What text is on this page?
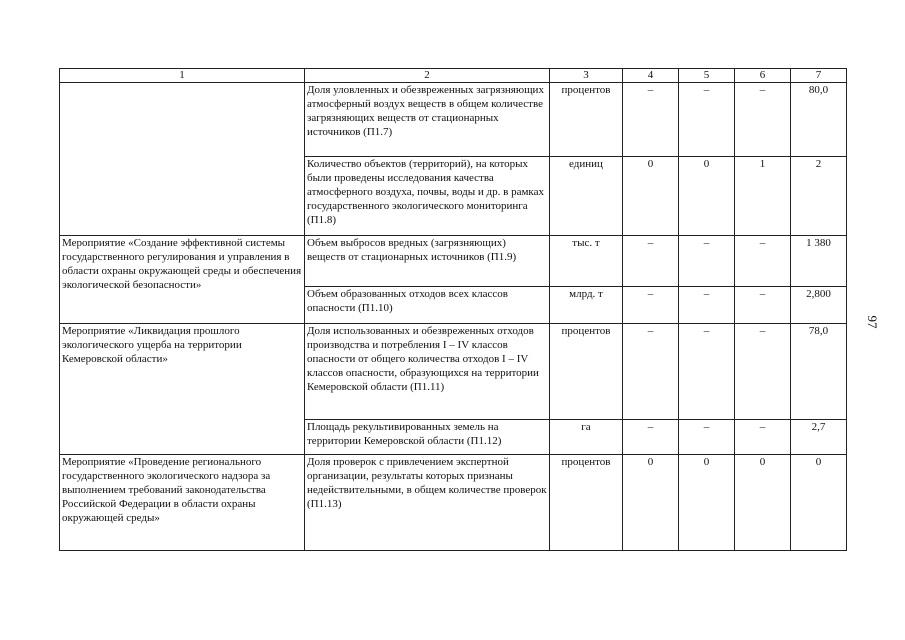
1	2	3	4	5	6	7
	Доля уловленных и обезвреженных загрязняющих атмосферный воздух веществ в общем количестве загрязняющих веществ от стационарных источников (П1.7)	процентов	–	–	–	80,0
	Количество объектов (территорий), на которых были проведены исследования качества атмосферного воздуха, почвы, воды и др. в рамках государственного экологического мониторинга (П1.8)	единиц	0	0	1	2
Мероприятие «Создание эффективной системы государственного регулирования и управления в области охраны окружающей среды и обеспечения экологической безопасности»	Объем выбросов вредных (загрязняющих) веществ от стационарных источников (П1.9)	тыс. т	–	–	–	1 380
	Объем образованных отходов всех классов опасности (П1.10)	млрд. т	–	–	–	2,800
Мероприятие «Ликвидация прошлого экологического ущерба на территории Кемеровской области»	Доля использованных и обезвреженных отходов производства и потребления I – IV классов опасности от общего количества отходов I – IV классов опасности, образующихся на территории Кемеровской области (П1.11)	процентов	–	–	–	78,0
	Площадь рекультивированных земель на территории Кемеровской области (П1.12)	га	–	–	–	2,7
Мероприятие «Проведение регионального государственного экологического надзора за выполнением требований законодательства Российской Федерации в области охраны окружающей среды»	Доля проверок с привлечением экспертной организации, результаты которых признаны недействительными, в общем количестве проверок (П1.13)	процентов	0	0	0	0
97
